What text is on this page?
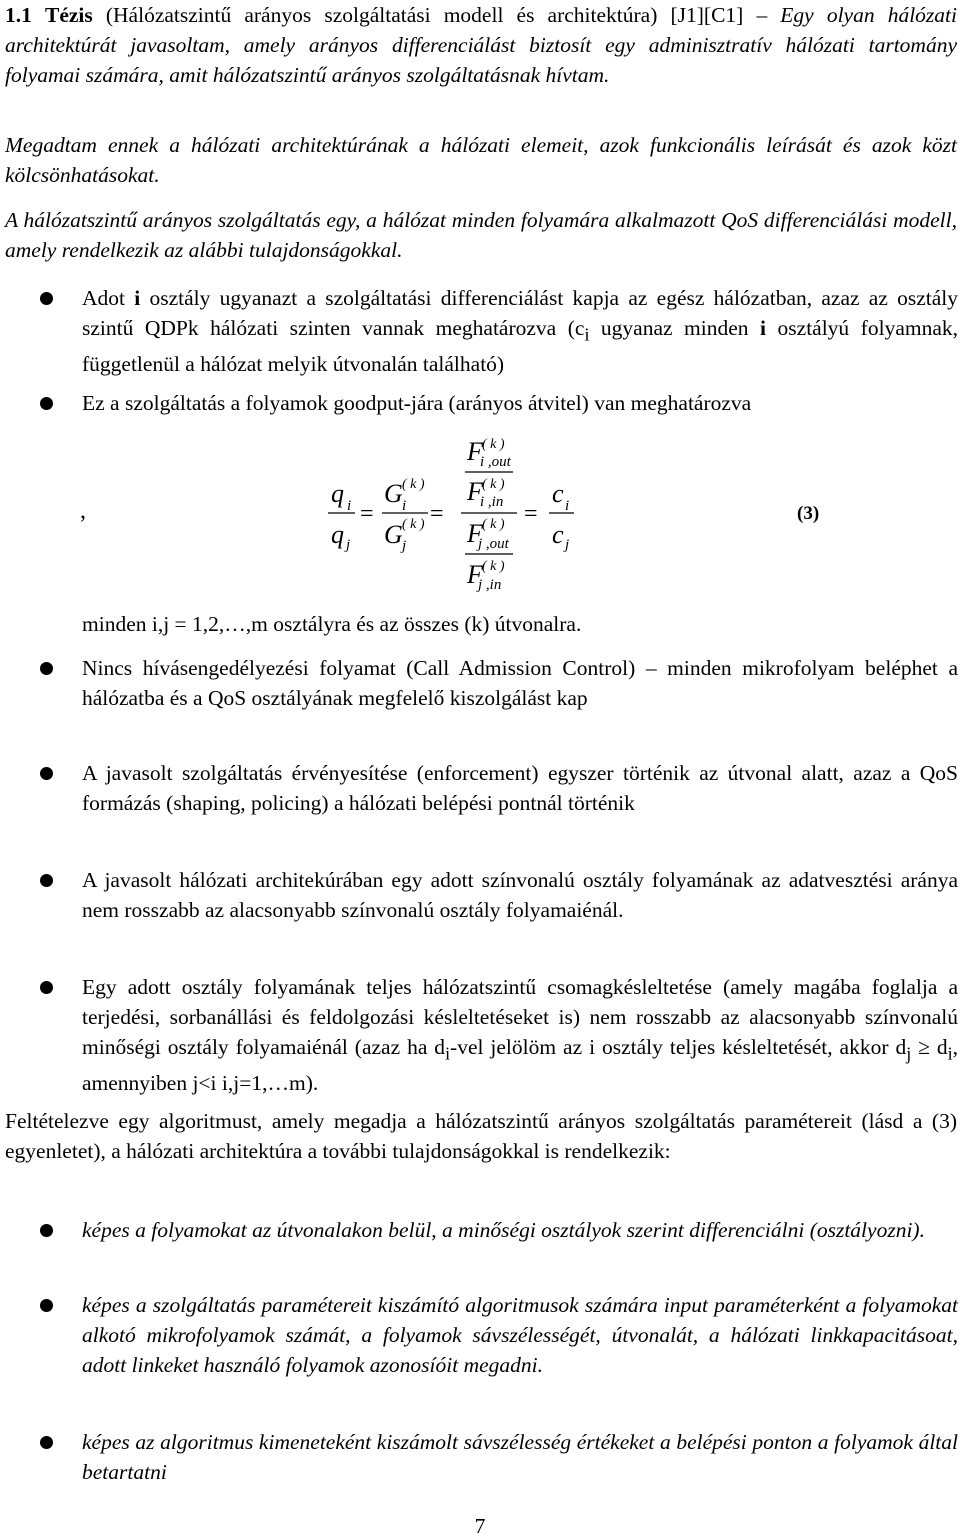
1.1 Tézis (Hálózatszintű arányos szolgáltatási modell és architektúra) [J1][C1] – Egy olyan hálózati architektúrát javasoltam, amely arányos differenciálást biztosít egy adminisztratív hálózati tartomány folyamai számára, amit hálózatszintű arányos szolgáltatásnak hívtam.

Megadtam ennek a hálózati architektúrának a hálózati elemeit, azok funkcionális leírását és azok közt kölcsönhatásokat.

A hálózatszintű arányos szolgáltatás egy, a hálózat minden folyamára alkalmazott QoS differenciálási modell, amely rendelkezik az alábbi tulajdonságokkal.

Adot i osztály ugyanazt a szolgáltatási differenciálást kapja az egész hálózatban, azaz az osztály szintű QDPk hálózati szinten vannak meghatározva ($c_i$ ugyanaz minden i osztályú folyamnak, függetlenül a hálózat melyik útvonalán található)

Ez a szolgáltatás a folyamok goodput-jára (arányos átvitel) van meghatározva

,
q i
q j
=
G ( k )
i
G ( k )
j
=
F ( k )
i ,out
F ( k )
i ,in
F ( k )
j ,out
F ( k )
j ,in
=
c i
c j
(3)

minden i,j = 1,2,…,m osztályra és az összes (k) útvonalra.

Nincs hívásengedélyezési folyamat (Call Admission Control) – minden mikrofolyam beléphet a hálózatba és a QoS osztályának megfelelő kiszolgálást kap

A javasolt szolgáltatás érvényesítése (enforcement) egyszer történik az útvonal alatt, azaz a QoS formázás (shaping, policing) a hálózati belépési pontnál történik

A javasolt hálózati architekúrában egy adott színvonalú osztály folyamának az adatvesztési aránya nem rosszabb az alacsonyabb színvonalú osztály folyamaiénál.

Egy adott osztály folyamának teljes hálózatszintű csomagkésleltetése (amely magába foglalja a terjedési, sorbanállási és feldolgozási késleltetéseket is) nem rosszabb az alacsonyabb színvonalú minőségi osztály folyamaiénál (azaz ha $d_i$-vel jelölöm az i osztály teljes késleltetését, akkor $d_j \ge d_i$, amennyiben j<i i,j=1,…m).

Feltételezve egy algoritmust, amely megadja a hálózatszintű arányos szolgáltatás paramétereit (lásd a (3) egyenletet), a hálózati architektúra a további tulajdonságokkal is rendelkezik:

képes a folyamokat az útvonalakon belül, a minőségi osztályok szerint differenciálni (osztályozni).

képes a szolgáltatás paramétereit kiszámító algoritmusok számára input paraméterként a folyamokat alkotó mikrofolyamok számát, a folyamok sávszélességét, útvonalát, a hálózati linkkapacitásoat, adott linkeket használó folyamok azonosíóit megadni.

képes az algoritmus kimeneteként kiszámolt sávszélesség értékeket a belépési ponton a folyamok által betartatni

7
